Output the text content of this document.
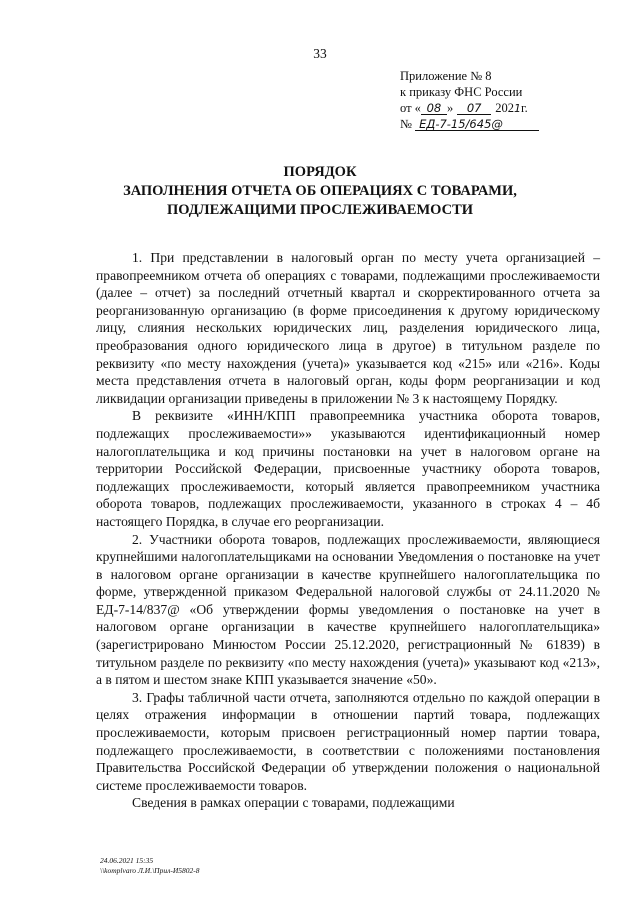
33
Приложение № 8
к приказу ФНС России
от « 08 » 07 2021г.
№ ЕД-7-15/645@
ПОРЯДОК
ЗАПОЛНЕНИЯ ОТЧЕТА ОБ ОПЕРАЦИЯХ С ТОВАРАМИ,
ПОДЛЕЖАЩИМИ ПРОСЛЕЖИВАЕМОСТИ

1. При представлении в налоговый орган по месту учета организацией – правопреемником отчета об операциях с товарами, подлежащими прослеживаемости (далее – отчет) за последний отчетный квартал и скорректированного отчета за реорганизованную организацию (в форме присоединения к другому юридическому лицу, слияния нескольких юридических лиц, разделения юридического лица, преобразования одного юридического лица в другое) в титульном разделе по реквизиту «по месту нахождения (учета)» указывается код «215» или «216». Коды места представления отчета в налоговый орган, коды форм реорганизации и код ликвидации организации приведены в приложении № 3 к настоящему Порядку.

В реквизите «ИНН/КПП правопреемника участника оборота товаров, подлежащих прослеживаемости»» указываются идентификационный номер налогоплательщика и код причины постановки на учет в налоговом органе на территории Российской Федерации, присвоенные участнику оборота товаров, подлежащих прослеживаемости, который является правопреемником участника оборота товаров, подлежащих прослеживаемости, указанного в строках 4 – 4б настоящего Порядка, в случае его реорганизации.

2. Участники оборота товаров, подлежащих прослеживаемости, являющиеся крупнейшими налогоплательщиками на основании Уведомления о постановке на учет в налоговом органе организации в качестве крупнейшего налогоплательщика по форме, утвержденной приказом Федеральной налоговой службы от 24.11.2020 № ЕД-7-14/837@ «Об утверждении формы уведомления о постановке на учет в налоговом органе организации в качестве крупнейшего налогоплательщика» (зарегистрировано Минюстом России 25.12.2020, регистрационный № 61839) в титульном разделе по реквизиту «по месту нахождения (учета)» указывают код «213», а в пятом и шестом знаке КПП указывается значение «50».

3. Графы табличной части отчета, заполняются отдельно по каждой операции в целях отражения информации в отношении партий товара, подлежащих прослеживаемости, которым присвоен регистрационный номер партии товара, подлежащего прослеживаемости, в соответствии с положениями постановления Правительства Российской Федерации об утверждении положения о национальной системе прослеживаемости товаров.

Сведения в рамках операции с товарами, подлежащими

24.06.2021 15:35
\\komplvaro Л.И.\Прил-И5802-8
